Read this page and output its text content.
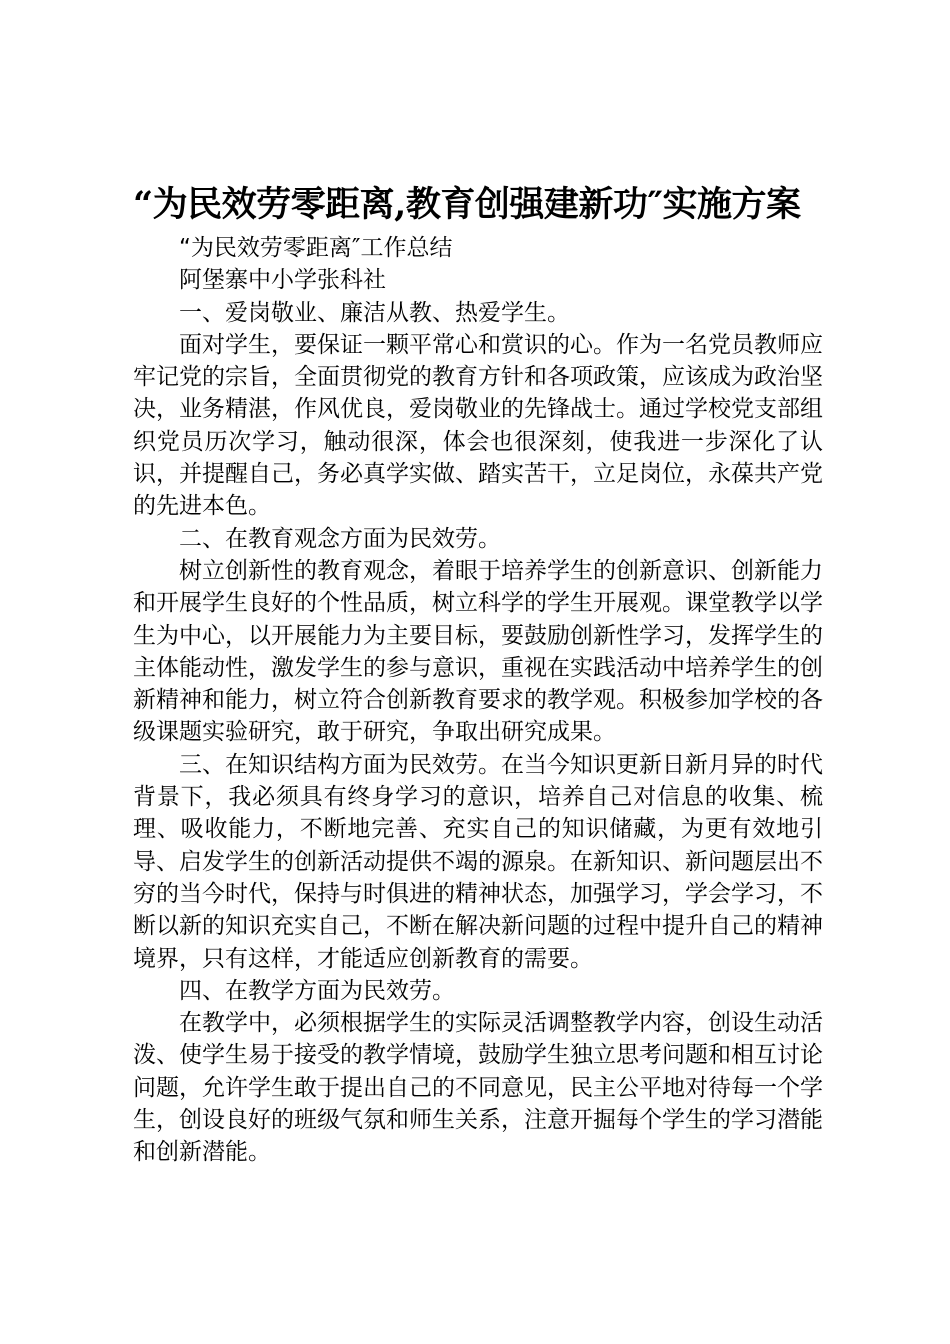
“为民效劳零距离,教育创强建新功″实施方案

“为民效劳零距离″工作总结

阿堡寨中小学张科社

一、爱岗敬业、廉洁从教、热爱学生。

面对学生，要保证一颗平常心和赏识的心。作为一名党员教师应牢记党的宗旨，全面贯彻党的教育方针和各项政策，应该成为政治坚决，业务精湛，作风优良，爱岗敬业的先锋战士。通过学校党支部组织党员历次学习，触动很深，体会也很深刻，使我进一步深化了认识，并提醒自己，务必真学实做、踏实苦干，立足岗位，永葆共产党的先进本色。

二、在教育观念方面为民效劳。

树立创新性的教育观念，着眼于培养学生的创新意识、创新能力和开展学生良好的个性品质，树立科学的学生开展观。课堂教学以学生为中心，以开展能力为主要目标，要鼓励创新性学习，发挥学生的主体能动性，激发学生的参与意识，重视在实践活动中培养学生的创新精神和能力，树立符合创新教育要求的教学观。积极参加学校的各级课题实验研究，敢于研究，争取出研究成果。

三、在知识结构方面为民效劳。在当今知识更新日新月异的时代背景下，我必须具有终身学习的意识，培养自己对信息的收集、梳理、吸收能力，不断地完善、充实自己的知识储藏，为更有效地引导、启发学生的创新活动提供不竭的源泉。在新知识、新问题层出不穷的当今时代，保持与时俱进的精神状态，加强学习，学会学习，不断以新的知识充实自己，不断在解决新问题的过程中提升自己的精神境界，只有这样，才能适应创新教育的需要。

四、在教学方面为民效劳。

在教学中，必须根据学生的实际灵活调整教学内容，创设生动活泼、使学生易于接受的教学情境，鼓励学生独立思考问题和相互讨论问题，允许学生敢于提出自己的不同意见，民主公平地对待每一个学生，创设良好的班级气氛和师生关系，注意开掘每个学生的学习潜能和创新潜能。
